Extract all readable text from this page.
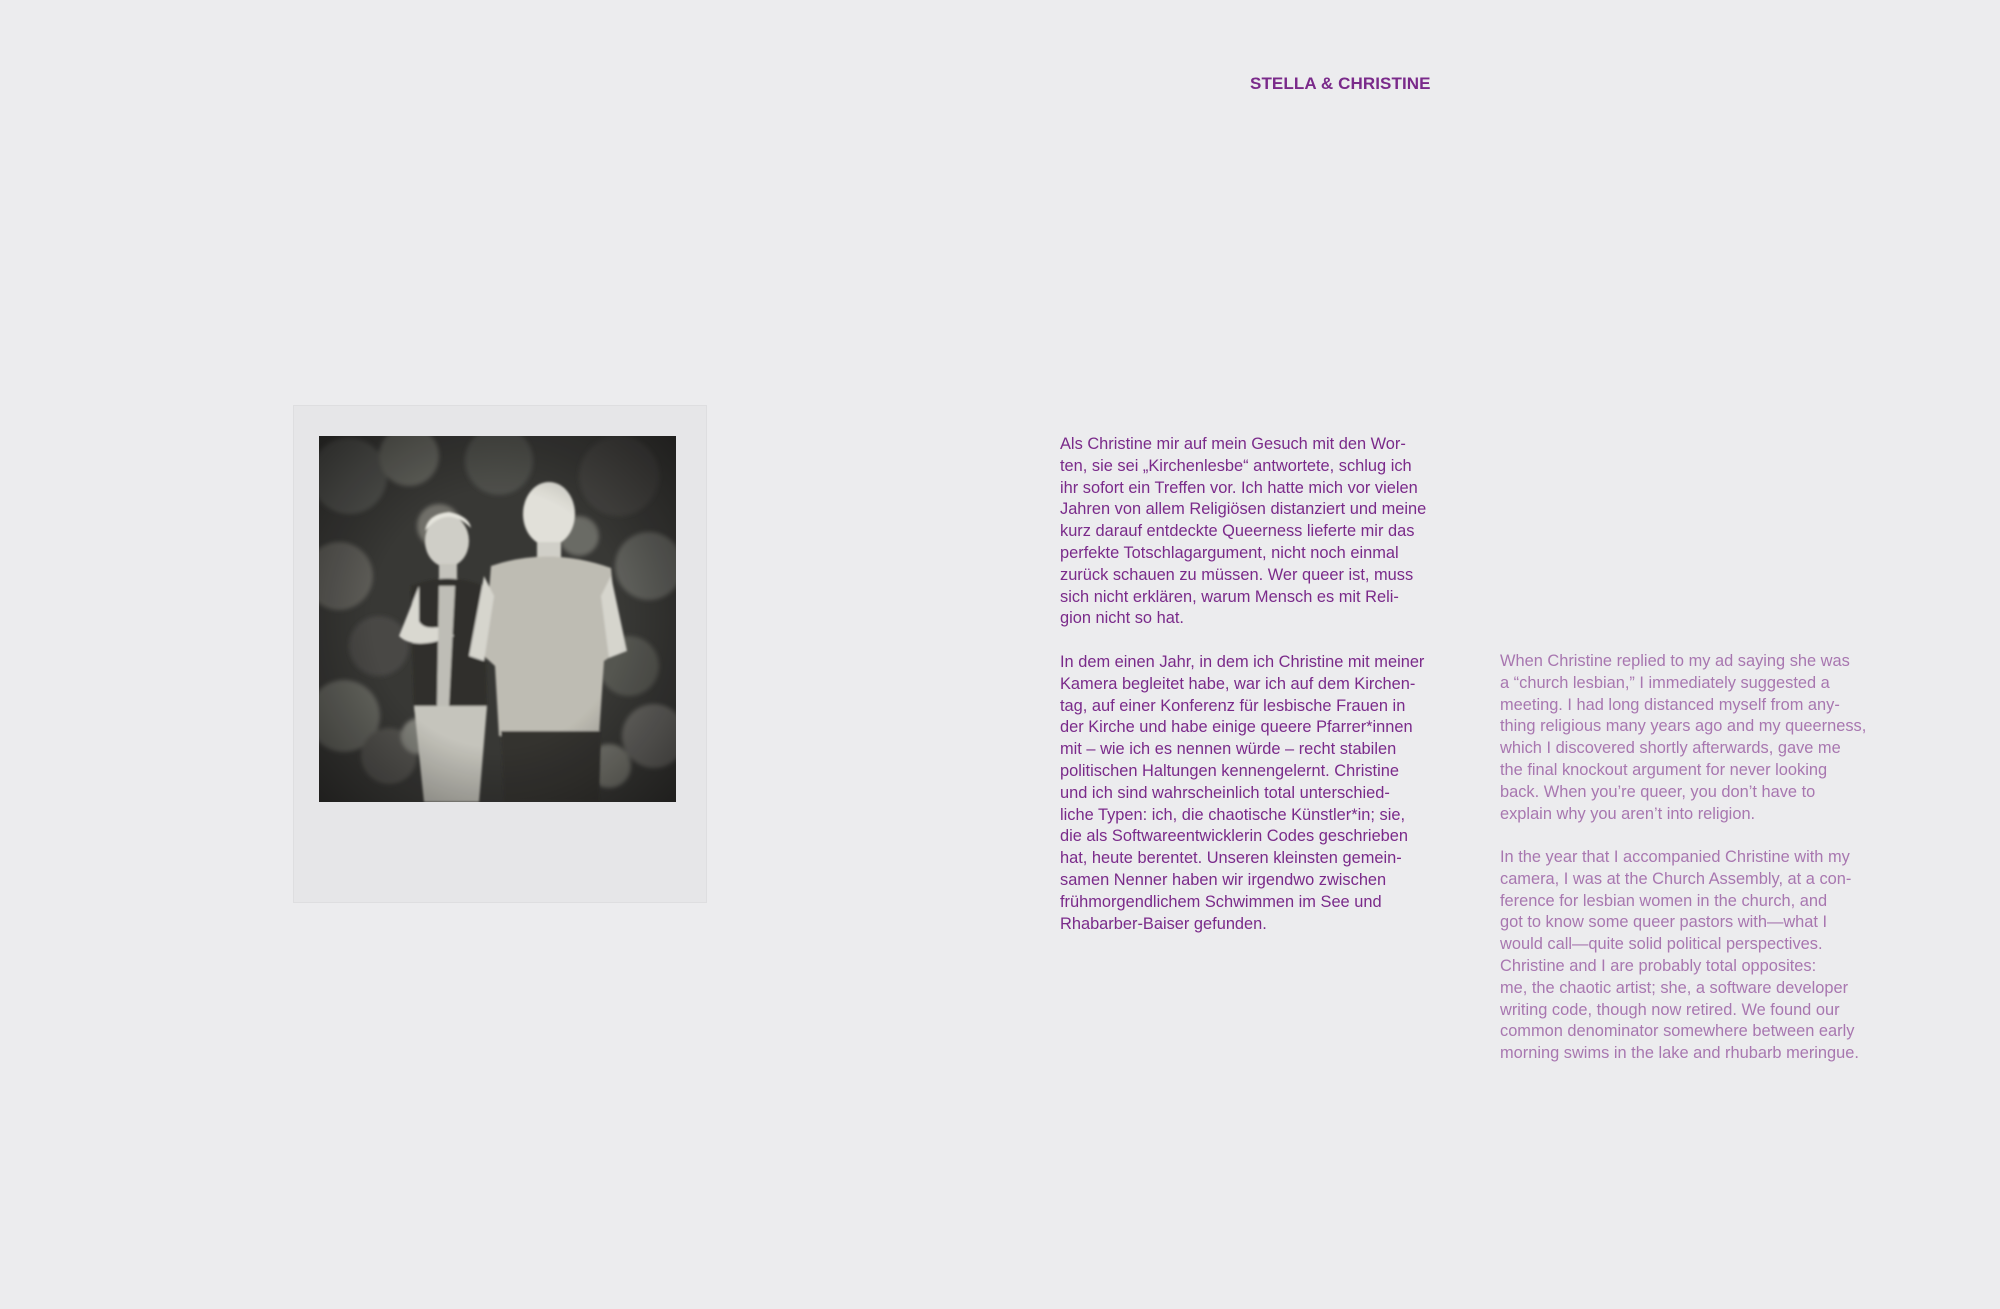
STELLA & CHRISTINE
Als Christine mir auf mein Gesuch mit den Wor-
ten, sie sei „Kirchenlesbe“ antwortete, schlug ich
ihr sofort ein Treffen vor. Ich hatte mich vor vielen
Jahren von allem Religiösen distanziert und meine
kurz darauf entdeckte Queerness lieferte mir das
perfekte Totschlagargument, nicht noch einmal
zurück schauen zu müssen. Wer queer ist, muss
sich nicht erklären, warum Mensch es mit Reli-
gion nicht so hat.
In dem einen Jahr, in dem ich Christine mit meiner
Kamera begleitet habe, war ich auf dem Kirchen-
tag, auf einer Konferenz für lesbische Frauen in
der Kirche und habe einige queere Pfarrer*innen
mit – wie ich es nennen würde – recht stabilen
politischen Haltungen kennengelernt. Christine
und ich sind wahrscheinlich total unterschied-
liche Typen: ich, die chaotische Künstler*in; sie,
die als Softwareentwicklerin Codes geschrieben
hat, heute berentet. Unseren kleinsten gemein-
samen Nenner haben wir irgendwo zwischen
frühmorgendlichem Schwimmen im See und
Rhabarber-Baiser gefunden.
When Christine replied to my ad saying she was
a “church lesbian,” I immediately suggested a
meeting. I had long distanced myself from any-
thing religious many years ago and my queerness,
which I discovered shortly afterwards, gave me
the final knockout argument for never looking
back. When you’re queer, you don’t have to
explain why you aren’t into religion.
In the year that I accompanied Christine with my
camera, I was at the Church Assembly, at a con-
ference for lesbian women in the church, and
got to know some queer pastors with—what I
would call—quite solid political perspectives.
Christine and I are probably total opposites:
me, the chaotic artist; she, a software developer
writing code, though now retired. We found our
common denominator somewhere between early
morning swims in the lake and rhubarb meringue.
